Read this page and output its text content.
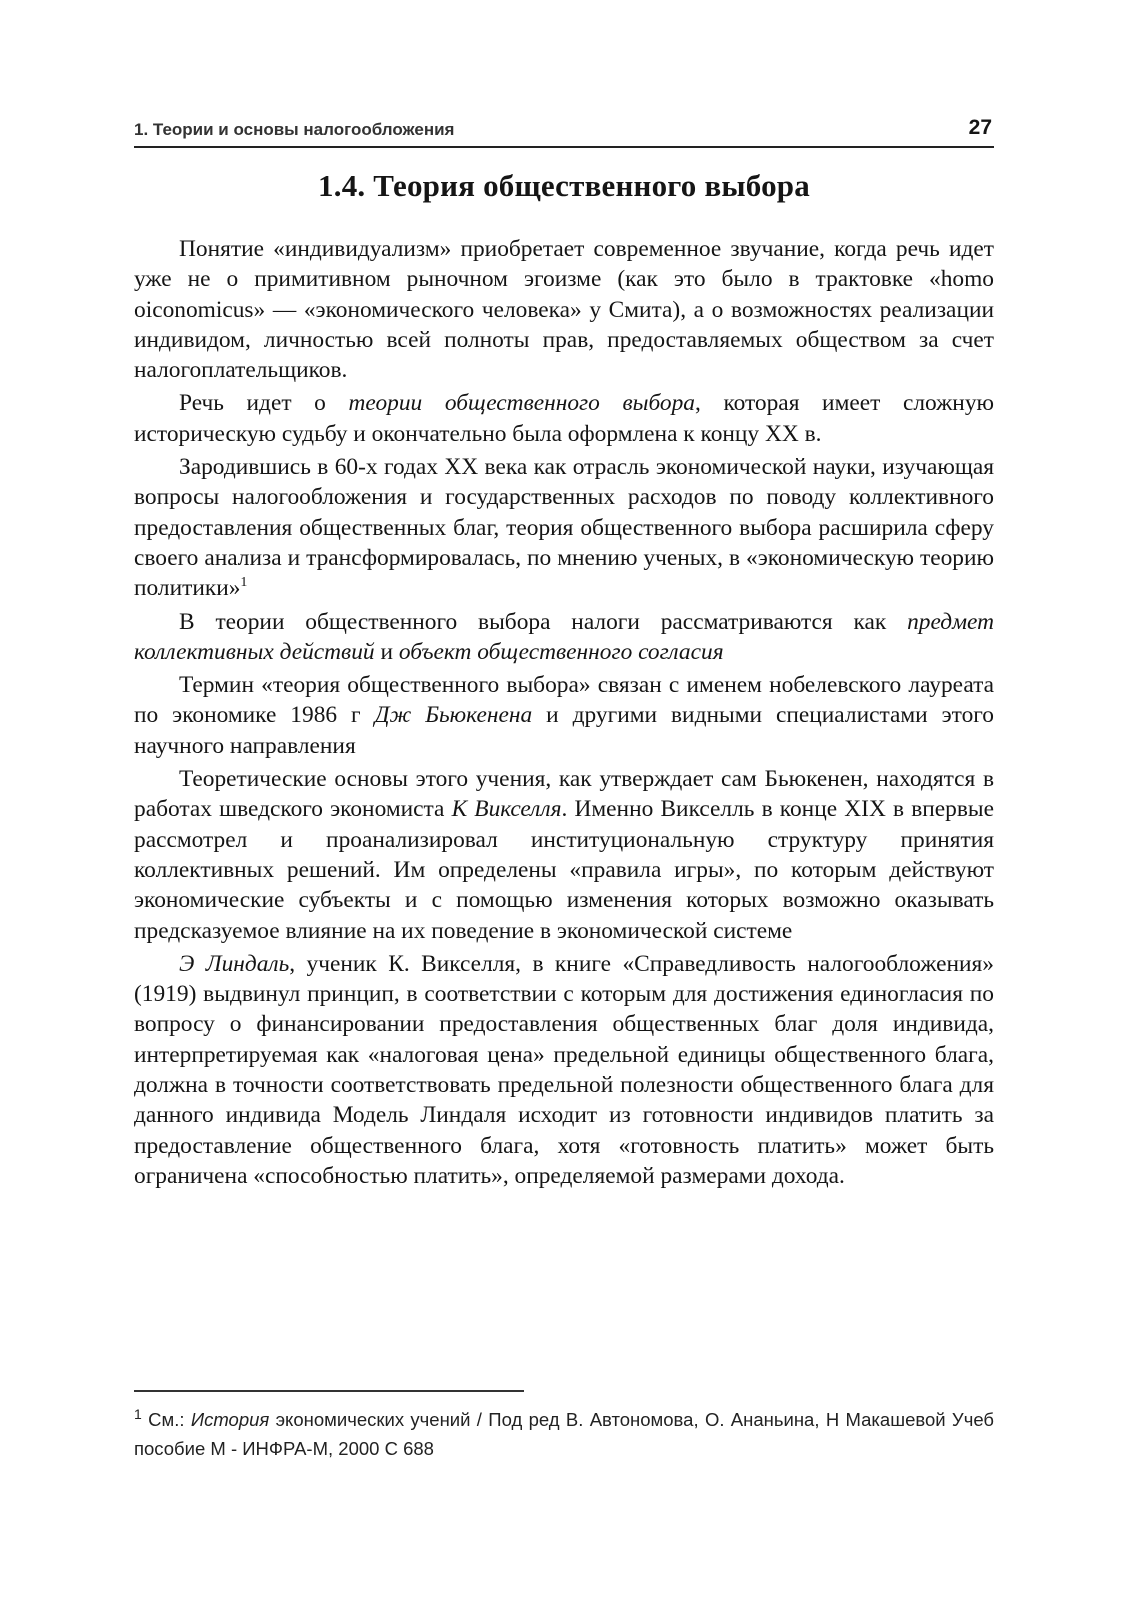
1. Теории и основы налогообложения	27
1.4. Теория общественного выбора

Понятие «индивидуализм» приобретает современное звучание, когда речь идет уже не о примитивном рыночном эгоизме (как это было в трактовке «homo oiconomicus» — «экономического человека» у Смита), а о возможностях реализации индивидом, личностью всей полноты прав, предоставляемых обществом за счет налогоплательщиков.

Речь идет о теории общественного выбора, которая имеет сложную историческую судьбу и окончательно была оформлена к концу XX в.

Зародившись в 60-х годах XX века как отрасль экономической науки, изучающая вопросы налогообложения и государственных расходов по поводу коллективного предоставления общественных благ, теория общественного выбора расширила сферу своего анализа и трансформировалась, по мнению ученых, в «экономическую теорию политики»$^1$

В теории общественного выбора налоги рассматриваются как предмет коллективных действий и объект общественного согласия

Термин «теория общественного выбора» связан с именем нобелевского лауреата по экономике 1986 г Дж Бьюкенена и другими видными специалистами этого научного направления

Теоретические основы этого учения, как утверждает сам Бьюкенен, находятся в работах шведского экономиста К Викселля. Именно Викселль в конце XIX в впервые рассмотрел и проанализировал институциональную структуру принятия коллективных решений. Им определены «правила игры», по которым действуют экономические субъекты и с помощью изменения которых возможно оказывать предсказуемое влияние на их поведение в экономической системе

Э Линдаль, ученик К. Викселля, в книге «Справедливость налогообложения» (1919) выдвинул принцип, в соответствии с которым для достижения единогласия по вопросу о финансировании предоставления общественных благ доля индивида, интерпретируемая как «налоговая цена» предельной единицы общественного блага, должна в точности соответствовать предельной полезности общественного блага для данного индивида Модель Линдаля исходит из готовности индивидов платить за предоставление общественного блага, хотя «готовность платить» может быть ограничена «способностью платить», определяемой размерами дохода.

$^1$ См.: История экономических учений / Под ред В. Автономова, О. Ананьина, Н Макашевой Учеб пособие М - ИНФРА-М, 2000 С 688
